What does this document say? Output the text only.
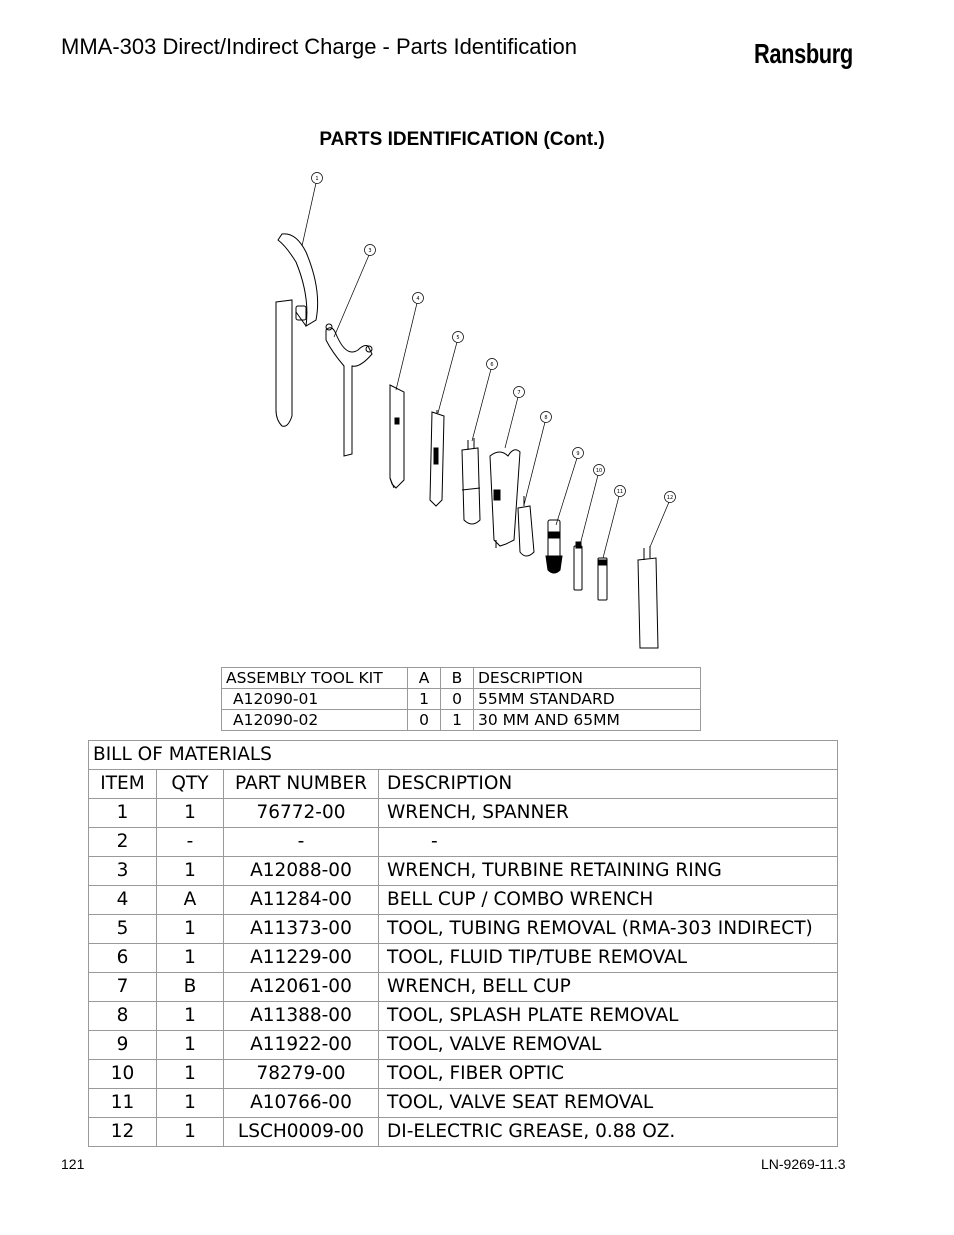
MMA-303 Direct/Indirect Charge - Parts Identification	Ransburg
PARTS IDENTIFICATION (Cont.)
1
3
4
5
6
7
8
9
10
11
12
ASSEMBLY TOOL KIT	A	B	DESCRIPTION
A12090-01	1	0	55MM STANDARD
A12090-02	0	1	30 MM AND 65MM
BILL OF MATERIALS			
ITEM	QTY	PART NUMBER	DESCRIPTION
1	1	76772-00	WRENCH, SPANNER
2	-	-	-
3	1	A12088-00	WRENCH, TURBINE RETAINING RING
4	A	A11284-00	BELL CUP / COMBO WRENCH
5	1	A11373-00	TOOL, TUBING REMOVAL (RMA-303 INDIRECT)
6	1	A11229-00	TOOL, FLUID TIP/TUBE REMOVAL
7	B	A12061-00	WRENCH, BELL CUP
8	1	A11388-00	TOOL, SPLASH PLATE REMOVAL
9	1	A11922-00	TOOL, VALVE REMOVAL
10	1	78279-00	TOOL, FIBER OPTIC
11	1	A10766-00	TOOL, VALVE SEAT REMOVAL
12	1	LSCH0009-00	DI-ELECTRIC GREASE, 0.88 OZ.
121	LN-9269-11.3
